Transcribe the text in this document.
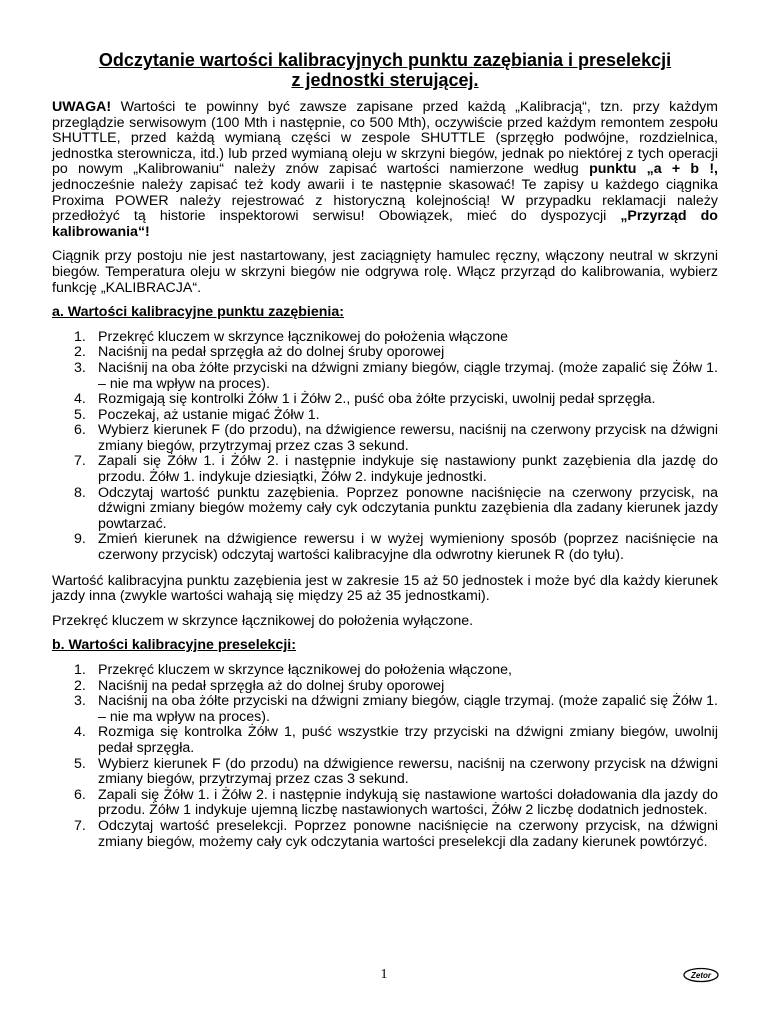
Odczytanie wartości kalibracyjnych punktu zazębiania i preselekcji
z jednostki sterującej.

UWAGA! Wartości te powinny być zawsze zapisane przed każdą „Kalibracją“, tzn. przy każdym przeglądzie serwisowym (100 Mth i następnie, co 500 Mth), oczywiście przed każdym remontem zespołu SHUTTLE, przed każdą wymianą części w zespole SHUTTLE (sprzęgło podwójne, rozdzielnica, jednostka sterownicza, itd.) lub przed wymianą oleju w skrzyni biegów, jednak po niektórej z tych operacji po nowym „Kalibrowaniu“ należy znów zapisać wartości namierzone według punktu „a + b !, jednocześnie należy zapisać też kody awarii i te następnie skasować! Te zapisy u każdego ciągnika Proxima POWER należy rejestrować z historyczną kolejnością! W przypadku reklamacji należy przedłożyć tą historie inspektorowi serwisu! Obowiązek, mieć do dyspozycji „Przyrząd do kalibrowania“!

Ciągnik przy postoju nie jest nastartowany, jest zaciągnięty hamulec ręczny, włączony neutral w skrzyni biegów. Temperatura oleju w skrzyni biegów nie odgrywa rolę. Włącz przyrząd do kalibrowania, wybierz funkcję „KALIBRACJA“.

a. Wartości kalibracyjne punktu zazębienia:
1. Przekręć kluczem w skrzynce łącznikowej do położenia włączone
2. Naciśnij na pedał sprzęgła aż do dolnej śruby oporowej
3. Naciśnij na oba żółte przyciski na dźwigni zmiany biegów, ciągle trzymaj. (może zapalić się Żółw 1. – nie ma wpływ na proces).
4. Rozmigają się kontrolki Żółw 1 i Żółw 2., puść oba żółte przyciski, uwolnij pedał sprzęgła.
5. Poczekaj, aż ustanie migać Żółw 1.
6. Wybierz kierunek F (do przodu), na dźwigience rewersu, naciśnij na czerwony przycisk na dźwigni zmiany biegów, przytrzymaj przez czas 3 sekund.
7. Zapali się Żółw 1. i Żółw 2. i następnie indykuje się nastawiony punkt zazębienia dla jazdę do przodu. Żółw 1. indykuje dziesiątki, Żółw 2. indykuje jednostki.
8. Odczytaj wartość punktu zazębienia. Poprzez ponowne naciśnięcie na czerwony przycisk, na dźwigni zmiany biegów możemy cały cyk odczytania punktu zazębienia dla zadany kierunek jazdy powtarzać.
9. Zmień kierunek na dźwigience rewersu i w wyżej wymieniony sposób (poprzez naciśnięcie na czerwony przycisk) odczytaj wartości kalibracyjne dla odwrotny kierunek R (do tyłu).

Wartość kalibracyjna punktu zazębienia jest w zakresie 15 aż 50 jednostek i może być dla każdy kierunek jazdy inna (zwykle wartości wahają się między 25 aż 35 jednostkami).

Przekręć kluczem w skrzynce łącznikowej do położenia wyłączone.

b. Wartości kalibracyjne preselekcji:
1. Przekręć kluczem w skrzynce łącznikowej do położenia włączone,
2. Naciśnij na pedał sprzęgła aż do dolnej śruby oporowej
3. Naciśnij na oba żółte przyciski na dźwigni zmiany biegów, ciągle trzymaj. (może zapalić się Żółw 1. – nie ma wpływ na proces).
4. Rozmiga się kontrolka Żółw 1, puść wszystkie trzy przyciski na dźwigni zmiany biegów, uwolnij pedał sprzęgła.
5. Wybierz kierunek F (do przodu) na dźwigience rewersu, naciśnij na czerwony przycisk na dźwigni zmiany biegów, przytrzymaj przez czas 3 sekund.
6. Zapali się Żółw 1. i Żółw 2. i następnie indykują się nastawione wartości doładowania dla jazdy do przodu. Żółw 1 indykuje ujemną liczbę nastawionych wartości, Żółw 2 liczbę dodatnich jednostek.
7. Odczytaj wartość preselekcji. Poprzez ponowne naciśnięcie na czerwony przycisk, na dźwigni zmiany biegów, możemy cały cyk odczytania wartości preselekcji dla zadany kierunek powtórzyć.
1	Zetor
